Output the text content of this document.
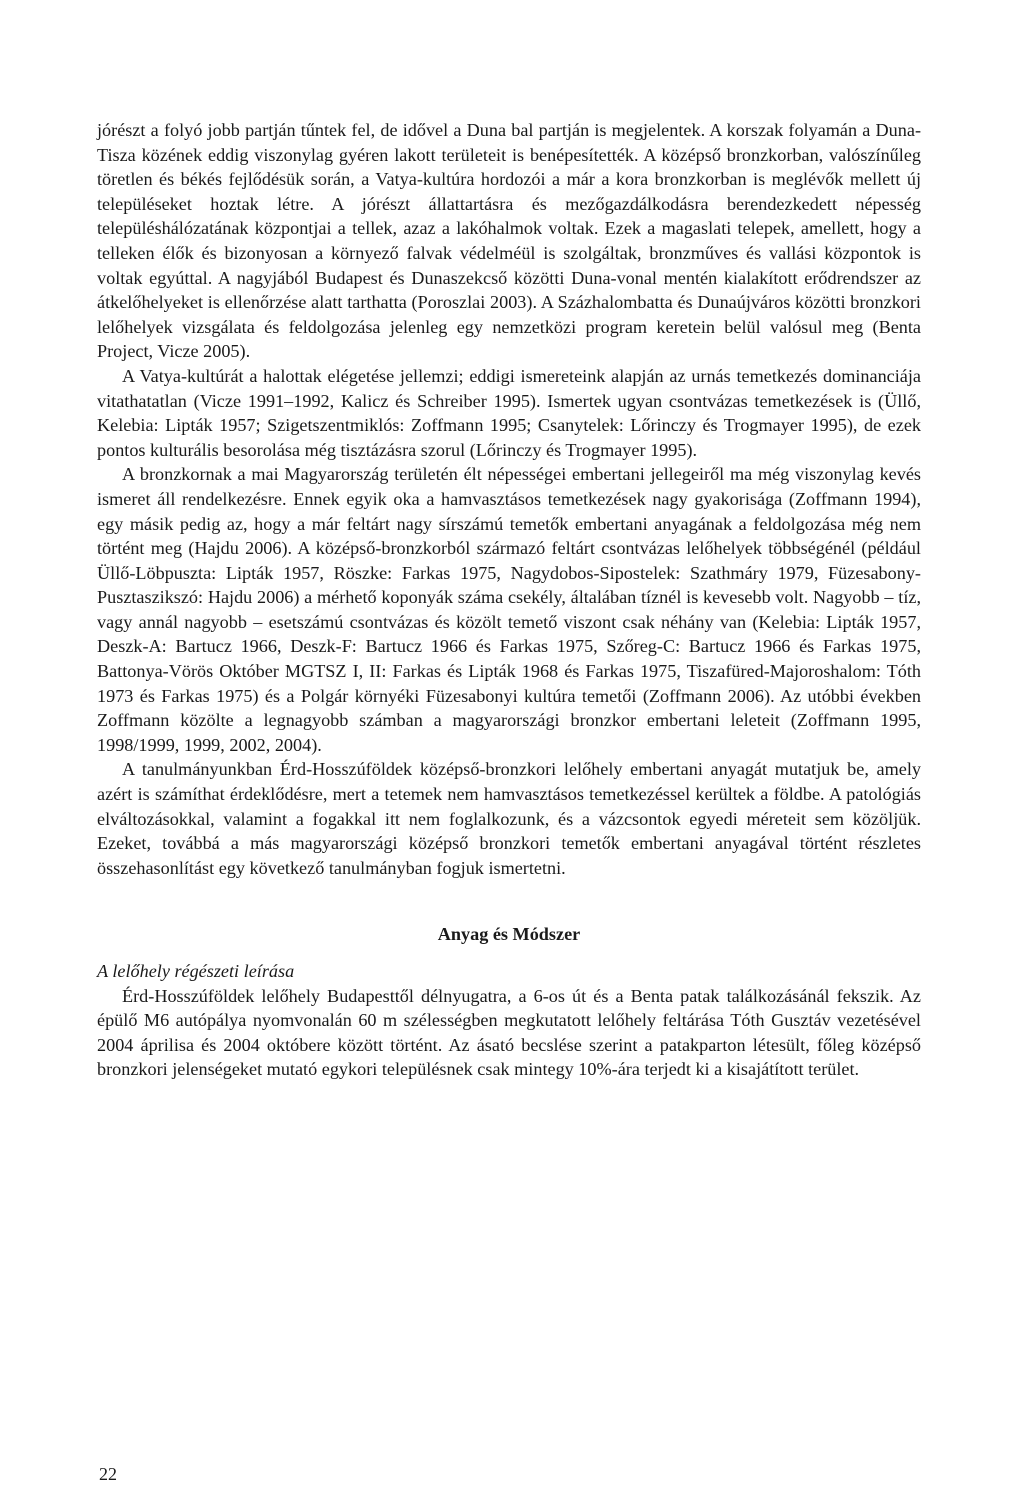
jórészt a folyó jobb partján tűntek fel, de idővel a Duna bal partján is megjelentek. A korszak folyamán a Duna-Tisza közének eddig viszonylag gyéren lakott területeit is benépesítették. A középső bronzkorban, valószínűleg töretlen és békés fejlődésük során, a Vatya-kultúra hordozói a már a kora bronzkorban is meglévők mellett új településeket hoztak létre. A jórészt állattartásra és mezőgazdálkodásra berendezkedett népesség településhálózatának központjai a tellek, azaz a lakóhalmok voltak. Ezek a magaslati telepek, amellett, hogy a telleken élők és bizonyosan a környező falvak védelméül is szolgáltak, bronzműves és vallási központok is voltak egyúttal. A nagyjából Budapest és Dunaszekcső közötti Duna-vonal mentén kialakított erődrendszer az átkelőhelyeket is ellenőrzése alatt tarthatta (Poroszlai 2003). A Százhalombatta és Dunaújváros közötti bronzkori lelőhelyek vizsgálata és feldolgozása jelenleg egy nemzetközi program keretein belül valósul meg (Benta Project, Vicze 2005).

A Vatya-kultúrát a halottak elégetése jellemzi; eddigi ismereteink alapján az urnás temetkezés dominanciája vitathatatlan (Vicze 1991–1992, Kalicz és Schreiber 1995). Ismertek ugyan csontvázas temetkezések is (Üllő, Kelebia: Lipták 1957; Szigetszentmiklós: Zoffmann 1995; Csanytelek: Lőrinczy és Trogmayer 1995), de ezek pontos kulturális besorolása még tisztázásra szorul (Lőrinczy és Trogmayer 1995).

A bronzkornak a mai Magyarország területén élt népességei embertani jellegeiről ma még viszonylag kevés ismeret áll rendelkezésre. Ennek egyik oka a hamvasztásos temetkezések nagy gyakorisága (Zoffmann 1994), egy másik pedig az, hogy a már feltárt nagy sírszámú temetők embertani anyagának a feldolgozása még nem történt meg (Hajdu 2006). A középső-bronzkorból származó feltárt csontvázas lelőhelyek többségénél (például Üllő-Löbpuszta: Lipták 1957, Röszke: Farkas 1975, Nagydobos-Sipostelek: Szathmáry 1979, Füzesabony-Pusztaszikszó: Hajdu 2006) a mérhető koponyák száma csekély, általában tíznél is kevesebb volt. Nagyobb – tíz, vagy annál nagyobb – esetszámú csontvázas és közölt temető viszont csak néhány van (Kelebia: Lipták 1957, Deszk-A: Bartucz 1966, Deszk-F: Bartucz 1966 és Farkas 1975, Szőreg-C: Bartucz 1966 és Farkas 1975, Battonya-Vörös Október MGTSZ I, II: Farkas és Lipták 1968 és Farkas 1975, Tiszafüred-Majoroshalom: Tóth 1973 és Farkas 1975) és a Polgár környéki Füzesabonyi kultúra temetői (Zoffmann 2006). Az utóbbi években Zoffmann közölte a legnagyobb számban a magyarországi bronzkor embertani leleteit (Zoffmann 1995, 1998/1999, 1999, 2002, 2004).

A tanulmányunkban Érd-Hosszúföldek középső-bronzkori lelőhely embertani anyagát mutatjuk be, amely azért is számíthat érdeklődésre, mert a tetemek nem hamvasztásos temetkezéssel kerültek a földbe. A patológiás elváltozásokkal, valamint a fogakkal itt nem foglalkozunk, és a vázcsontok egyedi méreteit sem közöljük. Ezeket, továbbá a más magyarországi középső bronzkori temetők embertani anyagával történt részletes összehasonlítást egy következő tanulmányban fogjuk ismertetni.

Anyag és Módszer

A lelőhely régészeti leírása

Érd-Hosszúföldek lelőhely Budapesttől délnyugatra, a 6-os út és a Benta patak találkozásánál fekszik. Az épülő M6 autópálya nyomvonalán 60 m szélességben megkutatott lelőhely feltárása Tóth Gusztáv vezetésével 2004 áprilisa és 2004 októbere között történt. Az ásató becslése szerint a patakparton létesült, főleg középső bronzkori jelenségeket mutató egykori településnek csak mintegy 10%-ára terjedt ki a kisajátított terület.

22
